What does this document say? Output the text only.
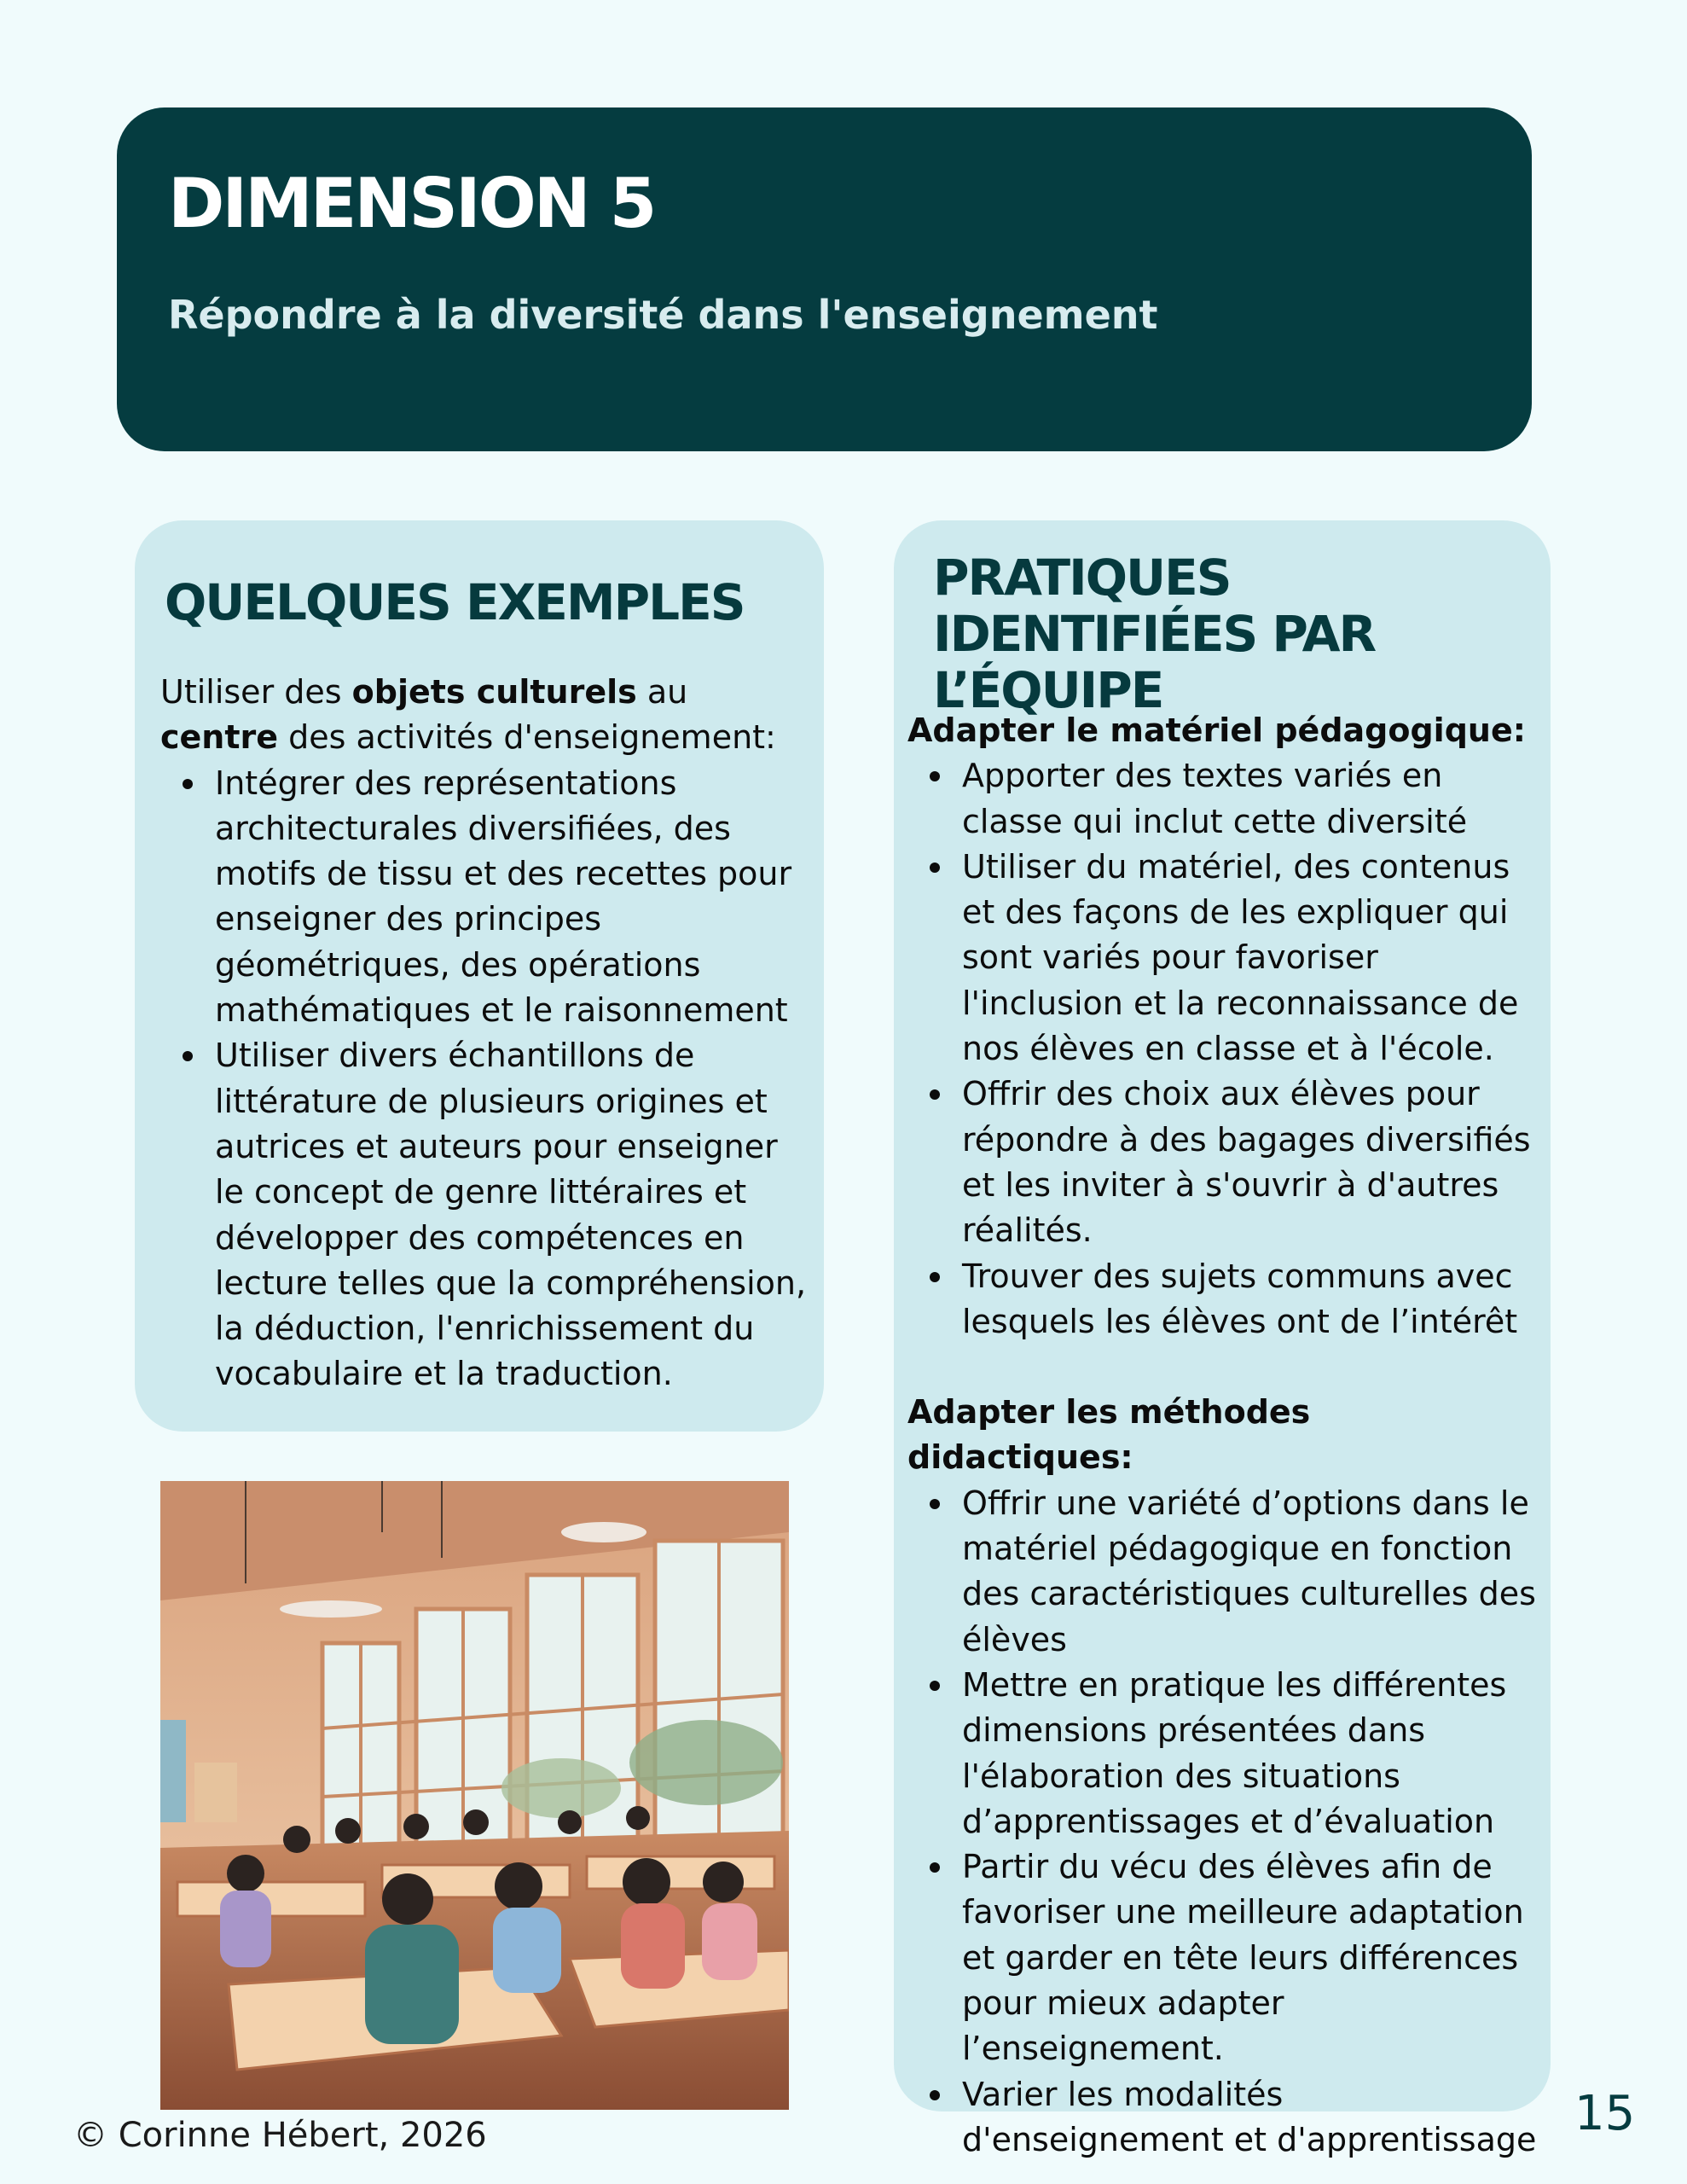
DIMENSION 5
Répondre à la diversité dans l'enseignement
QUELQUES EXEMPLES
Utiliser des objets culturels au centre des activités d'enseignement:
Intégrer des représentations architecturales diversifiées, des motifs de tissu et des recettes pour enseigner des principes géométriques, des opérations mathématiques et le raisonnement
Utiliser divers échantillons de littérature de plusieurs origines et autrices et auteurs pour enseigner le concept de genre littéraires et développer des compétences en lecture telles que la compréhension, la déduction, l'enrichissement du vocabulaire et la traduction.
PRATIQUES IDENTIFIÉES PAR L’ÉQUIPE
Adapter le matériel pédagogique:
Apporter des textes variés en classe qui inclut cette diversité
Utiliser du matériel, des contenus et des façons de les expliquer qui sont variés pour favoriser l'inclusion et la reconnaissance de nos élèves en classe et à l'école.
Offrir des choix aux élèves pour répondre à des bagages diversifiés et les inviter à s'ouvrir à d'autres réalités.
Trouver des sujets communs avec lesquels les élèves ont de l’intérêt
Adapter les méthodes didactiques:
Offrir une variété d’options dans le matériel pédagogique en fonction des caractéristiques culturelles des élèves
Mettre en pratique les différentes dimensions présentées dans l'élaboration des situations d’apprentissages et d’évaluation
Partir du vécu des élèves afin de favoriser une meilleure adaptation et garder en tête leurs différences pour mieux adapter l’enseignement.
Varier les modalités d'enseignement et d'apprentissage
© Corinne Hébert, 2026	15
